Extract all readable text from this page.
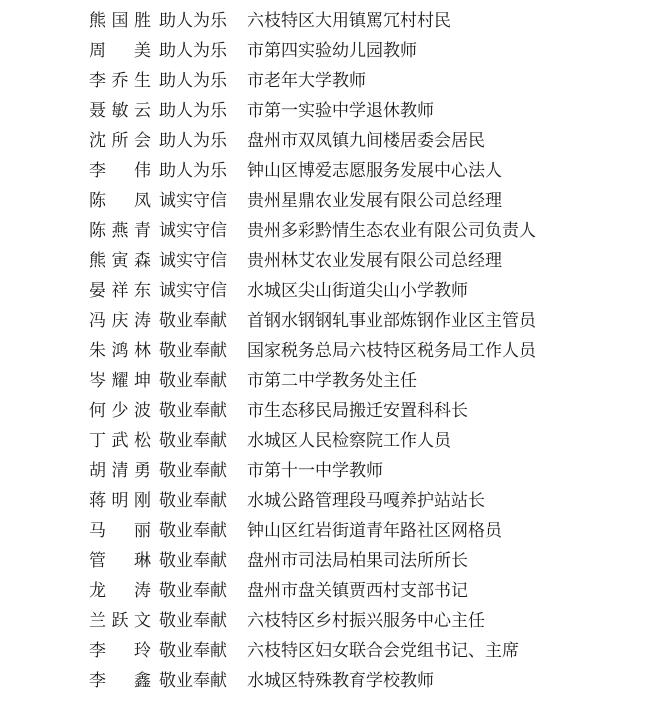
熊国胜 助人为乐 六枝特区大用镇罵冗村村民
周 美 助人为乐 市第四实验幼儿园教师
李乔生 助人为乐 市老年大学教师
聂敏云 助人为乐 市第一实验中学退休教师
沈所会 助人为乐 盘州市双凤镇九间楼居委会居民
李 伟 助人为乐 钟山区博爱志愿服务发展中心法人
陈 凤 诚实守信 贵州星鼎农业发展有限公司总经理
陈燕青 诚实守信 贵州多彩黔情生态农业有限公司负责人
熊寅森 诚实守信 贵州林艾农业发展有限公司总经理
晏祥东 诚实守信 水城区尖山街道尖山小学教师
冯庆涛 敬业奉献 首钢水钢钢轧事业部炼钢作业区主管员
朱鸿林 敬业奉献 国家税务总局六枝特区税务局工作人员
岑耀坤 敬业奉献 市第二中学教务处主任
何少波 敬业奉献 市生态移民局搬迁安置科科长
丁武松 敬业奉献 水城区人民检察院工作人员
胡清勇 敬业奉献 市第十一中学教师
蒋明刚 敬业奉献 水城公路管理段马嘎养护站站长
马 丽 敬业奉献 钟山区红岩街道青年路社区网格员
管 琳 敬业奉献 盘州市司法局柏果司法所所长
龙 涛 敬业奉献 盘州市盘关镇贾西村支部书记
兰跃文 敬业奉献 六枝特区乡村振兴服务中心主任
李 玲 敬业奉献 六枝特区妇女联合会党组书记、主席
李 鑫 敬业奉献 水城区特殊教育学校教师
